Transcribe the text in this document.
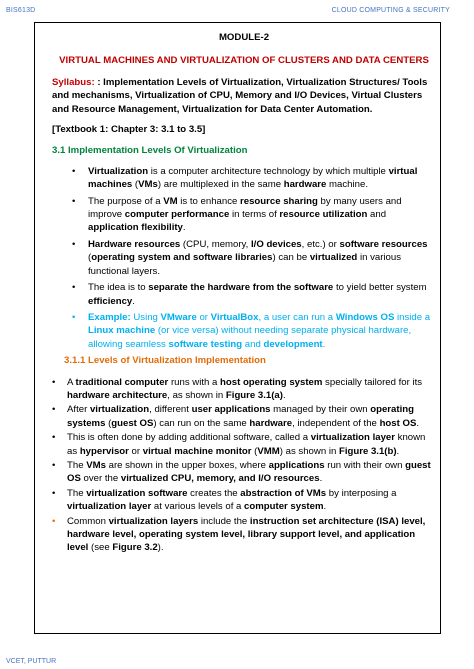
BIS613D	CLOUD COMPUTING & SECURITY
MODULE-2
VIRTUAL MACHINES AND VIRTUALIZATION OF CLUSTERS AND DATA CENTERS
Syllabus: : Implementation Levels of Virtualization, Virtualization Structures/ Tools and mechanisms, Virtualization of CPU, Memory and I/O Devices, Virtual Clusters and Resource Management, Virtualization for Data Center Automation.
[Textbook 1: Chapter 3: 3.1 to 3.5]
3.1 Implementation Levels Of Virtualization
• Virtualization is a computer architecture technology by which multiple virtual machines (VMs) are multiplexed in the same hardware machine.
• The purpose of a VM is to enhance resource sharing by many users and improve computer performance in terms of resource utilization and application flexibility.
• Hardware resources (CPU, memory, I/O devices, etc.) or software resources (operating system and software libraries) can be virtualized in various functional layers.
• The idea is to separate the hardware from the software to yield better system efficiency.
• Example: Using VMware or VirtualBox, a user can run a Windows OS inside a Linux machine (or vice versa) without needing separate physical hardware, allowing seamless software testing and development.
3.1.1 Levels of Virtualization Implementation
• A traditional computer runs with a host operating system specially tailored for its hardware architecture, as shown in Figure 3.1(a).
• After virtualization, different user applications managed by their own operating systems (guest OS) can run on the same hardware, independent of the host OS.
• This is often done by adding additional software, called a virtualization layer known as hypervisor or virtual machine monitor (VMM) as shown in Figure 3.1(b).
• The VMs are shown in the upper boxes, where applications run with their own guest OS over the virtualized CPU, memory, and I/O resources.
• The virtualization software creates the abstraction of VMs by interposing a virtualization layer at various levels of a computer system.
• Common virtualization layers include the instruction set architecture (ISA) level, hardware level, operating system level, library support level, and application level (see Figure 3.2).
VCET, PUTTUR
